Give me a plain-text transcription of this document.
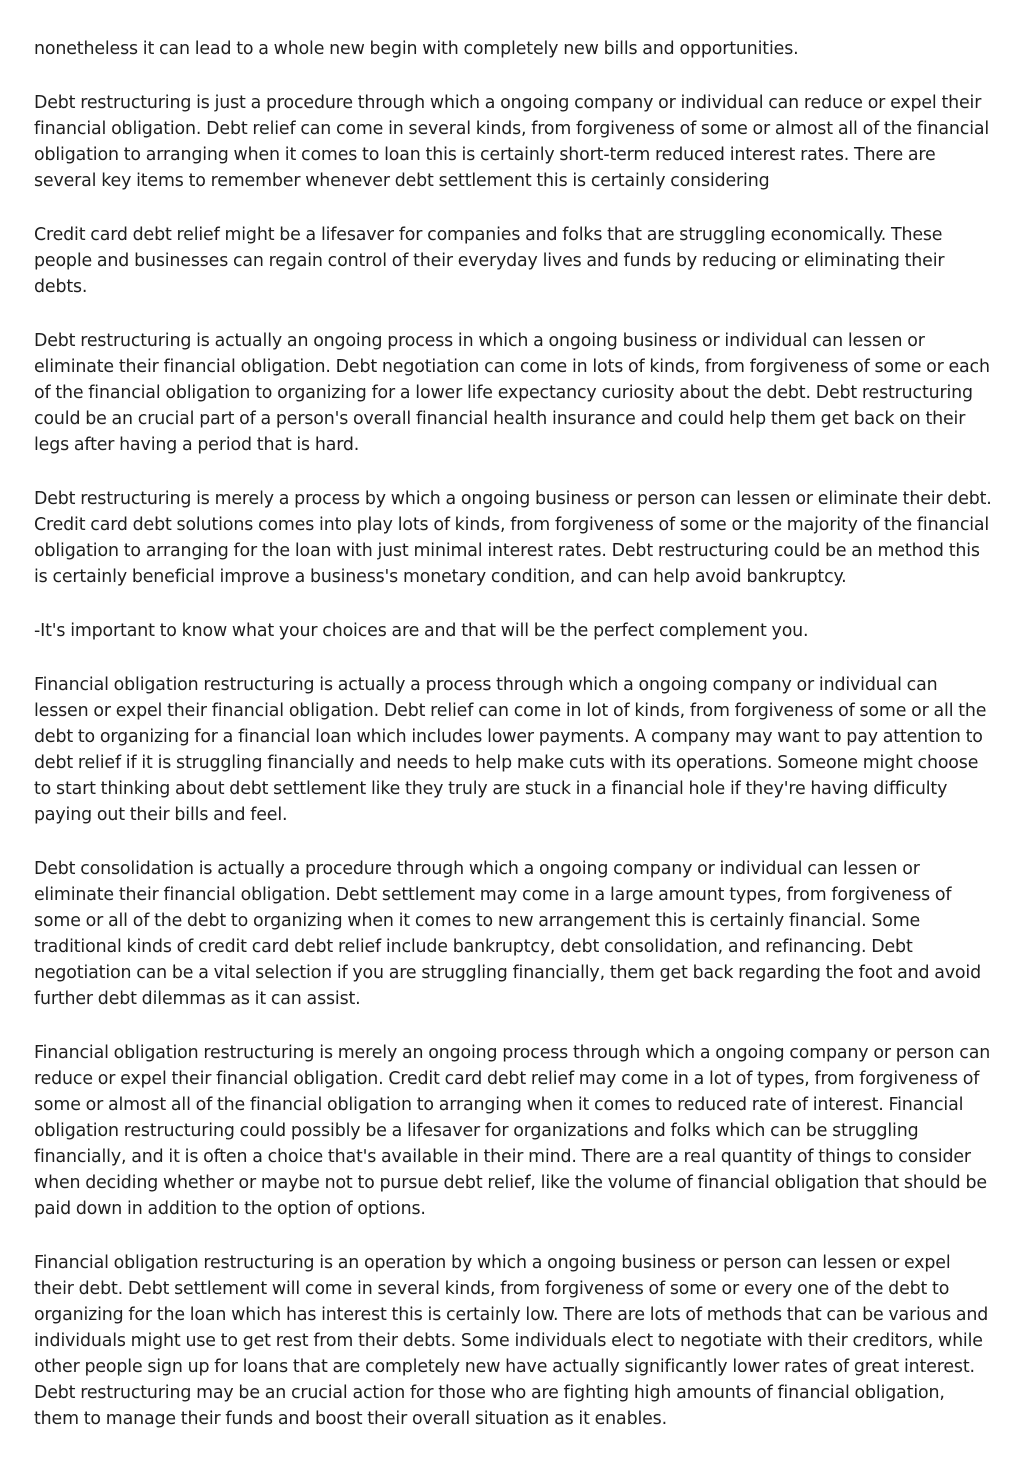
nonetheless it can lead to a whole new begin with completely new bills and opportunities.

Debt restructuring is just a procedure through which a ongoing company or individual can reduce or expel their financial obligation. Debt relief can come in several kinds, from forgiveness of some or almost all of the financial obligation to arranging when it comes to loan this is certainly short-term reduced interest rates. There are several key items to remember whenever debt settlement this is certainly considering

Credit card debt relief might be a lifesaver for companies and folks that are struggling economically. These people and businesses can regain control of their everyday lives and funds by reducing or eliminating their debts.

Debt restructuring is actually an ongoing process in which a ongoing business or individual can lessen or eliminate their financial obligation. Debt negotiation can come in lots of kinds, from forgiveness of some or each of the financial obligation to organizing for a lower life expectancy curiosity about the debt. Debt restructuring could be an crucial part of a person's overall financial health insurance and could help them get back on their legs after having a period that is hard.

Debt restructuring is merely a process by which a ongoing business or person can lessen or eliminate their debt. Credit card debt solutions comes into play lots of kinds, from forgiveness of some or the majority of the financial obligation to arranging for the loan with just minimal interest rates. Debt restructuring could be an method this is certainly beneficial improve a business's monetary condition, and can help avoid bankruptcy.

-It's important to know what your choices are and that will be the perfect complement you.

Financial obligation restructuring is actually a process through which a ongoing company or individual can lessen or expel their financial obligation. Debt relief can come in lot of kinds, from forgiveness of some or all the debt to organizing for a financial loan which includes lower payments. A company may want to pay attention to debt relief if it is struggling financially and needs to help make cuts with its operations. Someone might choose to start thinking about debt settlement like they truly are stuck in a financial hole if they're having difficulty paying out their bills and feel.

Debt consolidation is actually a procedure through which a ongoing company or individual can lessen or eliminate their financial obligation. Debt settlement may come in a large amount types, from forgiveness of some or all of the debt to organizing when it comes to new arrangement this is certainly financial. Some traditional kinds of credit card debt relief include bankruptcy, debt consolidation, and refinancing. Debt negotiation can be a vital selection if you are struggling financially, them get back regarding the foot and avoid further debt dilemmas as it can assist.

Financial obligation restructuring is merely an ongoing process through which a ongoing company or person can reduce or expel their financial obligation. Credit card debt relief may come in a lot of types, from forgiveness of some or almost all of the financial obligation to arranging when it comes to reduced rate of interest. Financial obligation restructuring could possibly be a lifesaver for organizations and folks which can be struggling financially, and it is often a choice that's available in their mind. There are a real quantity of things to consider when deciding whether or maybe not to pursue debt relief, like the volume of financial obligation that should be paid down in addition to the option of options.

Financial obligation restructuring is an operation by which a ongoing business or person can lessen or expel their debt. Debt settlement will come in several kinds, from forgiveness of some or every one of the debt to organizing for the loan which has interest this is certainly low. There are lots of methods that can be various and individuals might use to get rest from their debts. Some individuals elect to negotiate with their creditors, while other people sign up for loans that are completely new have actually significantly lower rates of great interest. Debt restructuring may be an crucial action for those who are fighting high amounts of financial obligation, them to manage their funds and boost their overall situation as it enables.
